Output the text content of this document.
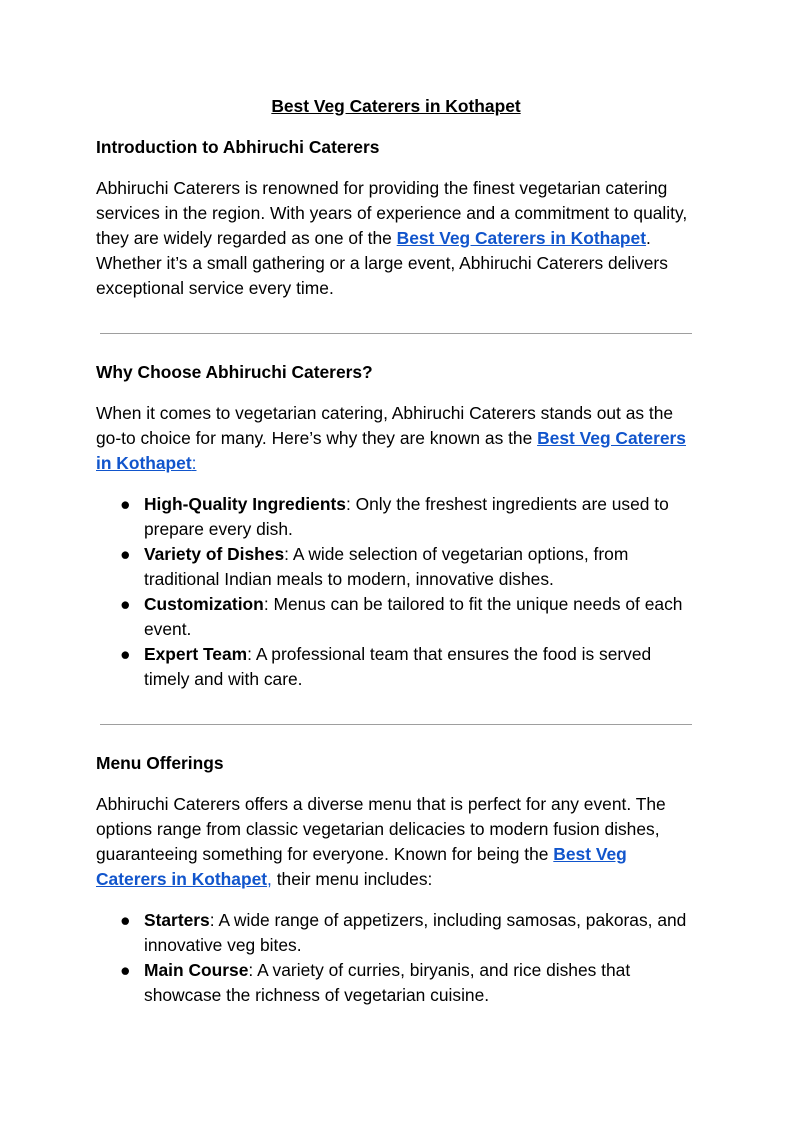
Best Veg Caterers in Kothapet
Introduction to Abhiruchi Caterers

Abhiruchi Caterers is renowned for providing the finest vegetarian catering services in the region. With years of experience and a commitment to quality, they are widely regarded as one of the Best Veg Caterers in Kothapet. Whether it’s a small gathering or a large event, Abhiruchi Caterers delivers exceptional service every time.

Why Choose Abhiruchi Caterers?

When it comes to vegetarian catering, Abhiruchi Caterers stands out as the go-to choice for many. Here’s why they are known as the Best Veg Caterers in Kothapet:

● High-Quality Ingredients: Only the freshest ingredients are used to prepare every dish.
● Variety of Dishes: A wide selection of vegetarian options, from traditional Indian meals to modern, innovative dishes.
● Customization: Menus can be tailored to fit the unique needs of each event.
● Expert Team: A professional team that ensures the food is served timely and with care.
Menu Offerings

Abhiruchi Caterers offers a diverse menu that is perfect for any event. The options range from classic vegetarian delicacies to modern fusion dishes, guaranteeing something for everyone. Known for being the Best Veg Caterers in Kothapet, their menu includes:

● Starters: A wide range of appetizers, including samosas, pakoras, and innovative veg bites.
● Main Course: A variety of curries, biryanis, and rice dishes that showcase the richness of vegetarian cuisine.
